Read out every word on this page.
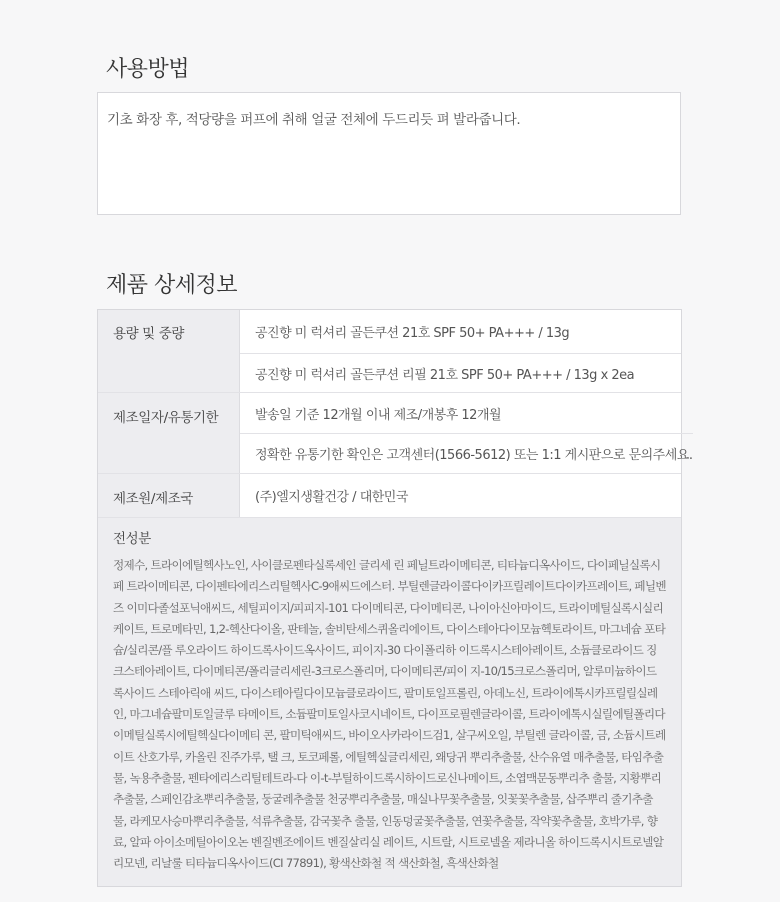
사용방법
기초 화장 후, 적당량을 퍼프에 취해 얼굴 전체에 두드리듯 펴 발라줍니다.
제품 상세정보
용량 및 중량	공진향 미 럭셔리 골든쿠션 21호 SPF 50+ PA+++ / 13g
공진향 미 럭셔리 골든쿠션 리필 21호 SPF 50+ PA+++ / 13g x 2ea
제조일자/유통기한	발송일 기준 12개월 이내 제조/개봉후 12개월
정확한 유통기한 확인은 고객센터(1566-5612) 또는 1:1 게시판으로 문의주세요.
제조원/제조국	(주)엘지생활건강 / 대한민국
전성분
정제수, 트라이에틸헥사노인, 사이클로펜타실록세인 글리세 린 페닐트라이메티콘, 티타늄디옥사이드, 다이페닐실록시페 트라이메티콘, 다이펜타에리스리틸헥사C-9애씨드에스터. 부틸렌글라이콜다이카프릴레이트다이카프레이트, 페닐벤즈 이미다졸설포닉애씨드, 세틸피이지/피피지-101 다이메티콘, 다이메티콘, 나이아신아마이드, 트라이메틸실록시실리케이트, 트로메타민, 1,2-헥산다이올, 판테놀, 솔비탄세스퀴올리에이트, 다이스테아다이모늄헥토라이트, 마그네슘 포타슘/실리콘/플 루오라이드 하이드록사이드옥사이드, 피이지-30 다이폴리하 이드록시스테아레이트, 소듐클로라이드 징크스테아레이트, 다이메티콘/폴리글리세린-3크로스폴리머, 다이메티콘/피이 지-10/15크로스폴리머, 알루미늄하이드록사이드 스테아릭애 씨드, 다이스테아릴다이모늄클로라이드, 팔미토일프롤린, 아데노신, 트라이에톡시카프릴릴실레인, 마그네슘팔미토일글루 타메이트, 소듐팔미토일사코시네이트, 다이프로필렌글라이콜, 트라이에톡시실릴에틸폴리다이메틸실록시에틸헥실다이메티 콘, 팔미틱애씨드, 바이오사카라이드검1, 살구씨오일, 부틸렌 글라이콜, 금, 소듐시트레이트 산호가루, 카올린 진주가루, 탤 크, 토코페롤, 에틸헥실글리세린, 왜당귀 뿌리추출물, 산수유열 매추출물, 타임추출물, 녹용추출물, 펜타에리스리틸테트라-다 이-t-부틸하이드록시하이드로신나메이트, 소엽맥문동뿌리추 출물, 지황뿌리추출물, 스페인감초뿌리추출물, 둥굴레추출물 천궁뿌리추출물, 매실나무꽃추출물, 잇꽃꽃추출물, 삽주뿌리 줄기추출물, 라케모사승마뿌리추출물, 석류추출물, 감국꽃추 출물, 인동덩굴꽃추출물, 연꽃추출물, 작약꽃추출물, 호박가루, 향료, 알파 아이소메틸아이오논 벤질벤조에이트 벤질살리실 레이트, 시트랄, 시트로넬올 제라니올 하이드록시시트로넬알 리모넨, 리날룰 티타늄디옥사이드(CI 77891), 황색산화철 적 색산화철, 흑색산화철
